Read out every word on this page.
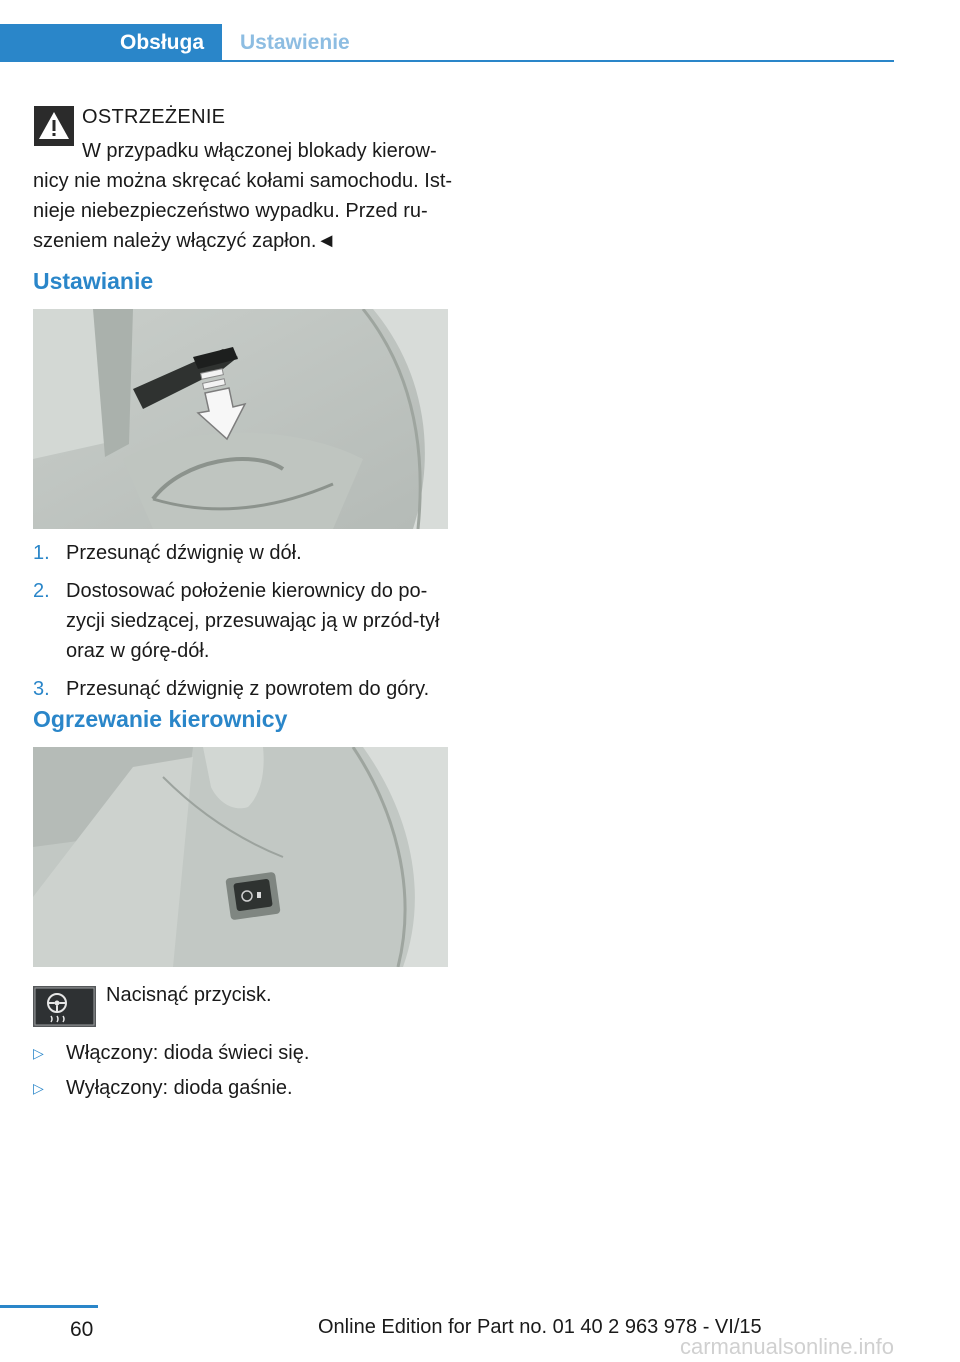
Obsługa	Ustawienie
OSTRZEŻENIE
W przypadku włączonej blokady kierownicy nie można skręcać kołami samochodu. Istnieje niebezpieczeństwo wypadku. Przed ruszeniem należy włączyć zapłon.◄
Ustawianie
1. Przesunąć dźwignię w dół.
2. Dostosować położenie kierownicy do pozycji siedzącej, przesuwając ją w przód-tył oraz w górę-dół.
3. Przesunąć dźwignię z powrotem do góry.
Ogrzewanie kierownicy
Nacisnąć przycisk.
▷ Włączony: dioda świeci się.
▷ Wyłączony: dioda gaśnie.
60	Online Edition for Part no. 01 40 2 963 978 - VI/15
carmanualsonline.info
